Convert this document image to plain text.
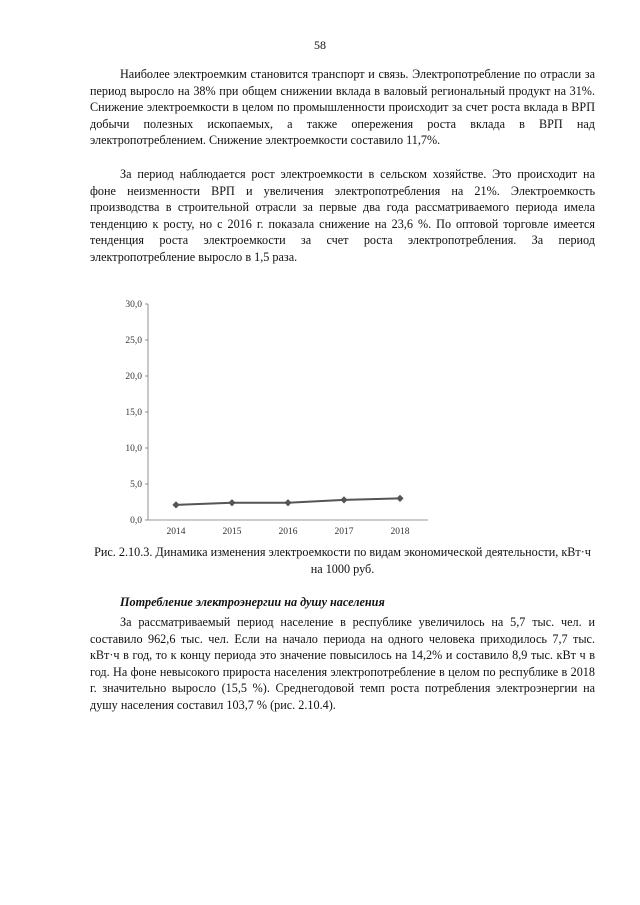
58

Наиболее электроемким становится транспорт и связь. Электропотребление по отрасли за период выросло на 38% при общем снижении вклада в валовый региональный продукт на 31%. Снижение электроемкости в целом по промышленности происходит за счет роста вклада в ВРП добычи полезных ископаемых, а также опережения роста вклада в ВРП над электропотреблением. Снижение электроемкости составило 11,7%.

За период наблюдается рост электроемкости в сельском хозяйстве. Это происходит на фоне неизменности ВРП и увеличения электропотребления на 21%. Электроемкость производства в строительной отрасли за первые два года рассматриваемого периода имела тенденцию к росту, но с 2016 г. показала снижение на 23,6 %. По оптовой торговле имеется тенденция роста электроемкости за счет роста электропотребления. За период электропотребление выросло в 1,5 раза.

0,0
5,0
10,0
15,0
20,0
25,0
30,0
2014	2015	2016	2017	2018

Рис. 2.10.3. Динамика изменения электроемкости по видам экономической деятельности, кВт·ч на 1000 руб.

Потребление электроэнергии на душу населения

За рассматриваемый период население в республике увеличилось на 5,7 тыс. чел. и составило 962,6 тыс. чел. Если на начало периода на одного человека приходилось 7,7 тыс. кВт·ч в год, то к концу периода это значение повысилось на 14,2% и составило 8,9 тыс. кВт ч в год. На фоне невысокого прироста населения электропотребление в целом по республике в 2018 г. значительно выросло (15,5 %). Среднегодовой темп роста потребления электроэнергии на душу населения составил 103,7 % (рис. 2.10.4).
